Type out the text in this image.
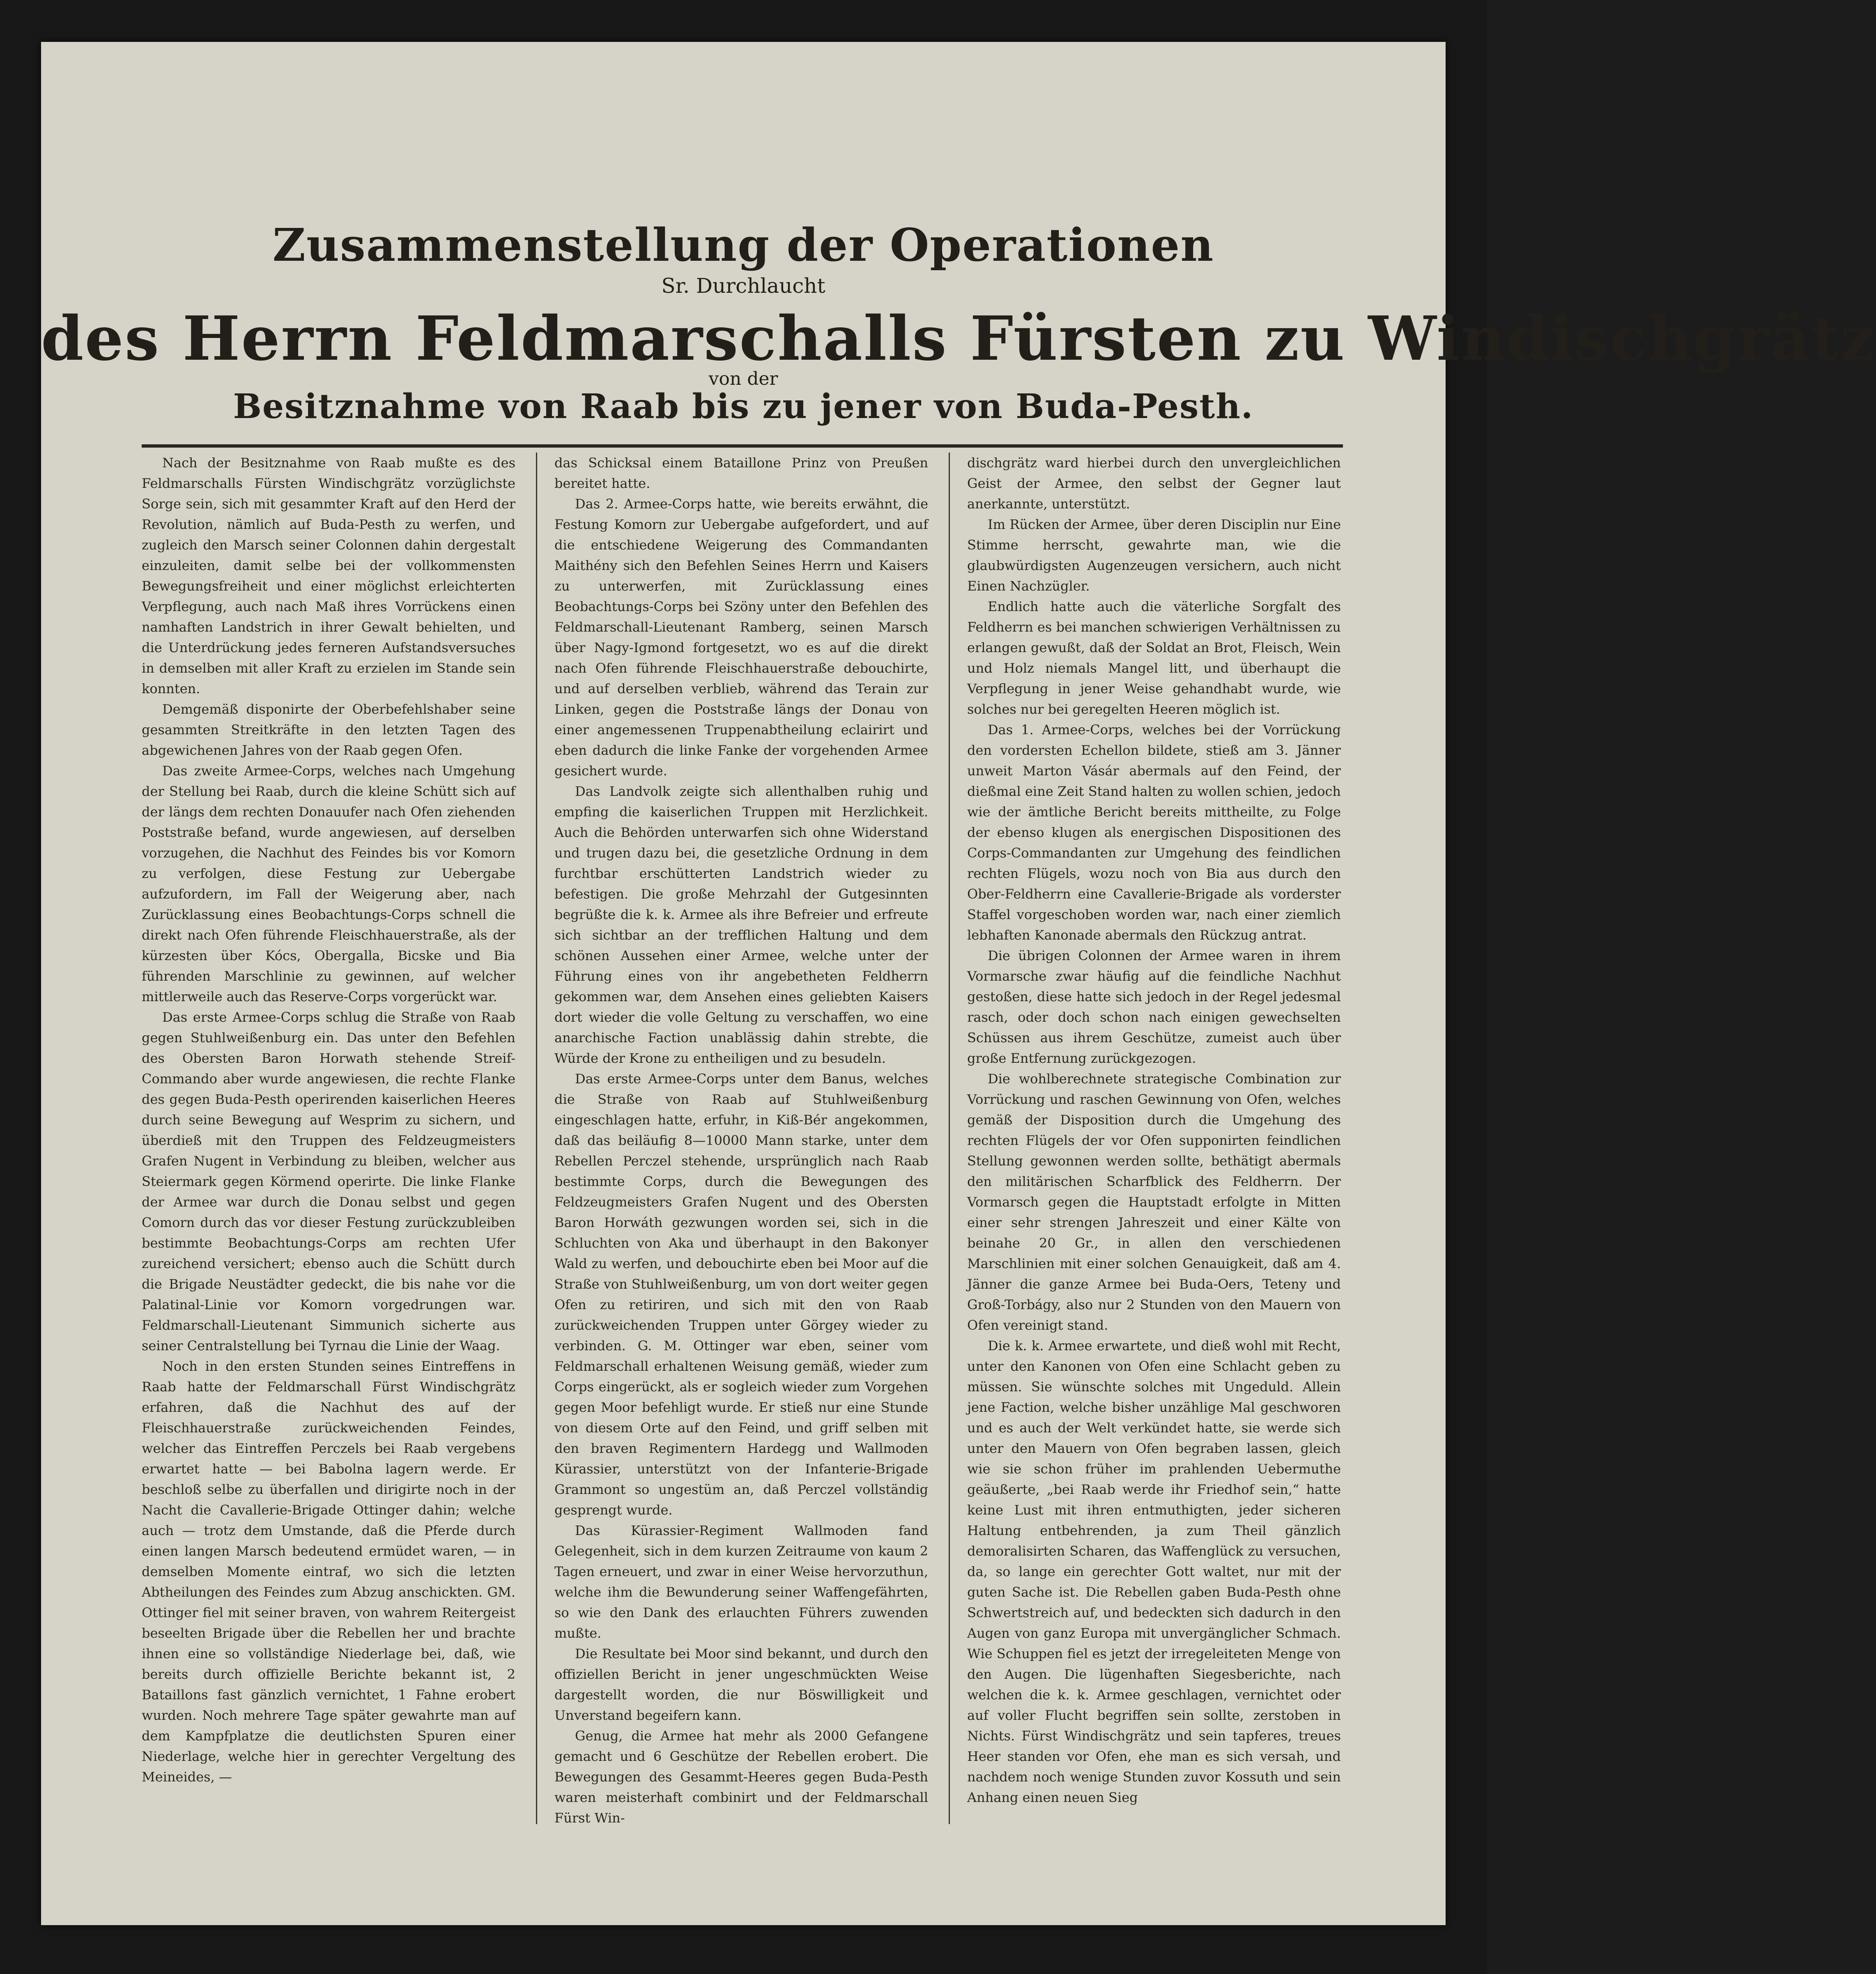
Zusammenstellung der Operationen
Sr. Durchlaucht
des Herrn Feldmarschalls Fürsten zu Windischgrätz
von der
Besitznahme von Raab bis zu jener von Buda-Pesth.

Nach der Besitznahme von Raab mußte es des Feldmarschalls Fürsten Windischgrätz vorzüglichste Sorge sein, sich mit gesammter Kraft auf den Herd der Revolution, nämlich auf Buda-Pesth zu werfen, und zugleich den Marsch seiner Colonnen dahin dergestalt einzuleiten, damit selbe bei der vollkommensten Bewegungsfreiheit und einer möglichst erleichterten Verpflegung, auch nach Maß ihres Vorrückens einen namhaften Landstrich in ihrer Gewalt behielten, und die Unterdrückung jedes ferneren Aufstandsversuches in demselben mit aller Kraft zu erzielen im Stande sein konnten.

Demgemäß disponirte der Oberbefehlshaber seine gesammten Streitkräfte in den letzten Tagen des abgewichenen Jahres von der Raab gegen Ofen.

Das zweite Armee-Corps, welches nach Umgehung der Stellung bei Raab, durch die kleine Schütt sich auf der längs dem rechten Donauufer nach Ofen ziehenden Poststraße befand, wurde angewiesen, auf derselben vorzugehen, die Nachhut des Feindes bis vor Komorn zu verfolgen, diese Festung zur Uebergabe aufzufordern, im Fall der Weigerung aber, nach Zurücklassung eines Beobachtungs-Corps schnell die direkt nach Ofen führende Fleischhauerstraße, als der kürzesten über Kócs, Obergalla, Bicske und Bia führenden Marschlinie zu gewinnen, auf welcher mittlerweile auch das Reserve-Corps vorgerückt war.

Das erste Armee-Corps schlug die Straße von Raab gegen Stuhlweißenburg ein. Das unter den Befehlen des Obersten Baron Horwath stehende Streif-Commando aber wurde angewiesen, die rechte Flanke des gegen Buda-Pesth operirenden kaiserlichen Heeres durch seine Bewegung auf Wesprim zu sichern, und überdieß mit den Truppen des Feldzeugmeisters Grafen Nugent in Verbindung zu bleiben, welcher aus Steiermark gegen Körmend operirte. Die linke Flanke der Armee war durch die Donau selbst und gegen Comorn durch das vor dieser Festung zurückzubleiben bestimmte Beobachtungs-Corps am rechten Ufer zureichend versichert; ebenso auch die Schütt durch die Brigade Neustädter gedeckt, die bis nahe vor die Palatinal-Linie vor Komorn vorgedrungen war. Feldmarschall-Lieutenant Simmunich sicherte aus seiner Centralstellung bei Tyrnau die Linie der Waag.

Noch in den ersten Stunden seines Eintreffens in Raab hatte der Feldmarschall Fürst Windischgrätz erfahren, daß die Nachhut des auf der Fleischhauerstraße zurückweichenden Feindes, welcher das Eintreffen Perczels bei Raab vergebens erwartet hatte — bei Babolna lagern werde. Er beschloß selbe zu überfallen und dirigirte noch in der Nacht die Cavallerie-Brigade Ottinger dahin; welche auch — trotz dem Umstande, daß die Pferde durch einen langen Marsch bedeutend ermüdet waren, — in demselben Momente eintraf, wo sich die letzten Abtheilungen des Feindes zum Abzug anschickten. GM. Ottinger fiel mit seiner braven, von wahrem Reitergeist beseelten Brigade über die Rebellen her und brachte ihnen eine so vollständige Niederlage bei, daß, wie bereits durch offizielle Berichte bekannt ist, 2 Bataillons fast gänzlich vernichtet, 1 Fahne erobert wurden. Noch mehrere Tage später gewahrte man auf dem Kampfplatze die deutlichsten Spuren einer Niederlage, welche hier in gerechter Vergeltung des Meineides, —

das Schicksal einem Bataillone Prinz von Preußen bereitet hatte.

Das 2. Armee-Corps hatte, wie bereits erwähnt, die Festung Komorn zur Uebergabe aufgefordert, und auf die entschiedene Weigerung des Commandanten Maithény sich den Befehlen Seines Herrn und Kaisers zu unterwerfen, mit Zurücklassung eines Beobachtungs-Corps bei Szöny unter den Befehlen des Feldmarschall-Lieutenant Ramberg, seinen Marsch über Nagy-Igmond fortgesetzt, wo es auf die direkt nach Ofen führende Fleischhauerstraße debouchirte, und auf derselben verblieb, während das Terain zur Linken, gegen die Poststraße längs der Donau von einer angemessenen Truppenabtheilung eclairirt und eben dadurch die linke Fanke der vorgehenden Armee gesichert wurde.

Das Landvolk zeigte sich allenthalben ruhig und empfing die kaiserlichen Truppen mit Herzlichkeit. Auch die Behörden unterwarfen sich ohne Widerstand und trugen dazu bei, die gesetzliche Ordnung in dem furchtbar erschütterten Landstrich wieder zu befestigen. Die große Mehrzahl der Gutgesinnten begrüßte die k. k. Armee als ihre Befreier und erfreute sich sichtbar an der trefflichen Haltung und dem schönen Aussehen einer Armee, welche unter der Führung eines von ihr angebetheten Feldherrn gekommen war, dem Ansehen eines geliebten Kaisers dort wieder die volle Geltung zu verschaffen, wo eine anarchische Faction unablässig dahin strebte, die Würde der Krone zu entheiligen und zu besudeln.

Das erste Armee-Corps unter dem Banus, welches die Straße von Raab auf Stuhlweißenburg eingeschlagen hatte, erfuhr, in Kiß-Bér angekommen, daß das beiläufig 8—10000 Mann starke, unter dem Rebellen Perczel stehende, ursprünglich nach Raab bestimmte Corps, durch die Bewegungen des Feldzeugmeisters Grafen Nugent und des Obersten Baron Horwáth gezwungen worden sei, sich in die Schluchten von Aka und überhaupt in den Bakonyer Wald zu werfen, und debouchirte eben bei Moor auf die Straße von Stuhlweißenburg, um von dort weiter gegen Ofen zu retiriren, und sich mit den von Raab zurückweichenden Truppen unter Görgey wieder zu verbinden. G. M. Ottinger war eben, seiner vom Feldmarschall erhaltenen Weisung gemäß, wieder zum Corps eingerückt, als er sogleich wieder zum Vorgehen gegen Moor befehligt wurde. Er stieß nur eine Stunde von diesem Orte auf den Feind, und griff selben mit den braven Regimentern Hardegg und Wallmoden Kürassier, unterstützt von der Infanterie-Brigade Grammont so ungestüm an, daß Perczel vollständig gesprengt wurde.

Das Kürassier-Regiment Wallmoden fand Gelegenheit, sich in dem kurzen Zeitraume von kaum 2 Tagen erneuert, und zwar in einer Weise hervorzuthun, welche ihm die Bewunderung seiner Waffengefährten, so wie den Dank des erlauchten Führers zuwenden mußte.

Die Resultate bei Moor sind bekannt, und durch den offiziellen Bericht in jener ungeschmückten Weise dargestellt worden, die nur Böswilligkeit und Unverstand begeifern kann.

Genug, die Armee hat mehr als 2000 Gefangene gemacht und 6 Geschütze der Rebellen erobert. Die Bewegungen des Gesammt-Heeres gegen Buda-Pesth waren meisterhaft combinirt und der Feldmarschall Fürst Win-

dischgrätz ward hierbei durch den unvergleichlichen Geist der Armee, den selbst der Gegner laut anerkannte, unterstützt.

Im Rücken der Armee, über deren Disciplin nur Eine Stimme herrscht, gewahrte man, wie die glaubwürdigsten Augenzeugen versichern, auch nicht Einen Nachzügler.

Endlich hatte auch die väterliche Sorgfalt des Feldherrn es bei manchen schwierigen Verhältnissen zu erlangen gewußt, daß der Soldat an Brot, Fleisch, Wein und Holz niemals Mangel litt, und überhaupt die Verpflegung in jener Weise gehandhabt wurde, wie solches nur bei geregelten Heeren möglich ist.

Das 1. Armee-Corps, welches bei der Vorrückung den vordersten Echellon bildete, stieß am 3. Jänner unweit Marton Vásár abermals auf den Feind, der dießmal eine Zeit Stand halten zu wollen schien, jedoch wie der ämtliche Bericht bereits mittheilte, zu Folge der ebenso klugen als energischen Dispositionen des Corps-Commandanten zur Umgehung des feindlichen rechten Flügels, wozu noch von Bia aus durch den Ober-Feldherrn eine Cavallerie-Brigade als vorderster Staffel vorgeschoben worden war, nach einer ziemlich lebhaften Kanonade abermals den Rückzug antrat.

Die übrigen Colonnen der Armee waren in ihrem Vormarsche zwar häufig auf die feindliche Nachhut gestoßen, diese hatte sich jedoch in der Regel jedesmal rasch, oder doch schon nach einigen gewechselten Schüssen aus ihrem Geschütze, zumeist auch über große Entfernung zurückgezogen.

Die wohlberechnete strategische Combination zur Vorrückung und raschen Gewinnung von Ofen, welches gemäß der Disposition durch die Umgehung des rechten Flügels der vor Ofen supponirten feindlichen Stellung gewonnen werden sollte, bethätigt abermals den militärischen Scharfblick des Feldherrn. Der Vormarsch gegen die Hauptstadt erfolgte in Mitten einer sehr strengen Jahreszeit und einer Kälte von beinahe 20 Gr., in allen den verschiedenen Marschlinien mit einer solchen Genauigkeit, daß am 4. Jänner die ganze Armee bei Buda-Oers, Teteny und Groß-Torbágy, also nur 2 Stunden von den Mauern von Ofen vereinigt stand.

Die k. k. Armee erwartete, und dieß wohl mit Recht, unter den Kanonen von Ofen eine Schlacht geben zu müssen. Sie wünschte solches mit Ungeduld. Allein jene Faction, welche bisher unzählige Mal geschworen und es auch der Welt verkündet hatte, sie werde sich unter den Mauern von Ofen begraben lassen, gleich wie sie schon früher im prahlenden Uebermuthe geäußerte, „bei Raab werde ihr Friedhof sein,“ hatte keine Lust mit ihren entmuthigten, jeder sicheren Haltung entbehrenden, ja zum Theil gänzlich demoralisirten Scharen, das Waffenglück zu versuchen, da, so lange ein gerechter Gott waltet, nur mit der guten Sache ist. Die Rebellen gaben Buda-Pesth ohne Schwertstreich auf, und bedeckten sich dadurch in den Augen von ganz Europa mit unvergänglicher Schmach. Wie Schuppen fiel es jetzt der irregeleiteten Menge von den Augen. Die lügenhaften Siegesberichte, nach welchen die k. k. Armee geschlagen, vernichtet oder auf voller Flucht begriffen sein sollte, zerstoben in Nichts. Fürst Windischgrätz und sein tapferes, treues Heer standen vor Ofen, ehe man es sich versah, und nachdem noch wenige Stunden zuvor Kossuth und sein Anhang einen neuen Sieg
